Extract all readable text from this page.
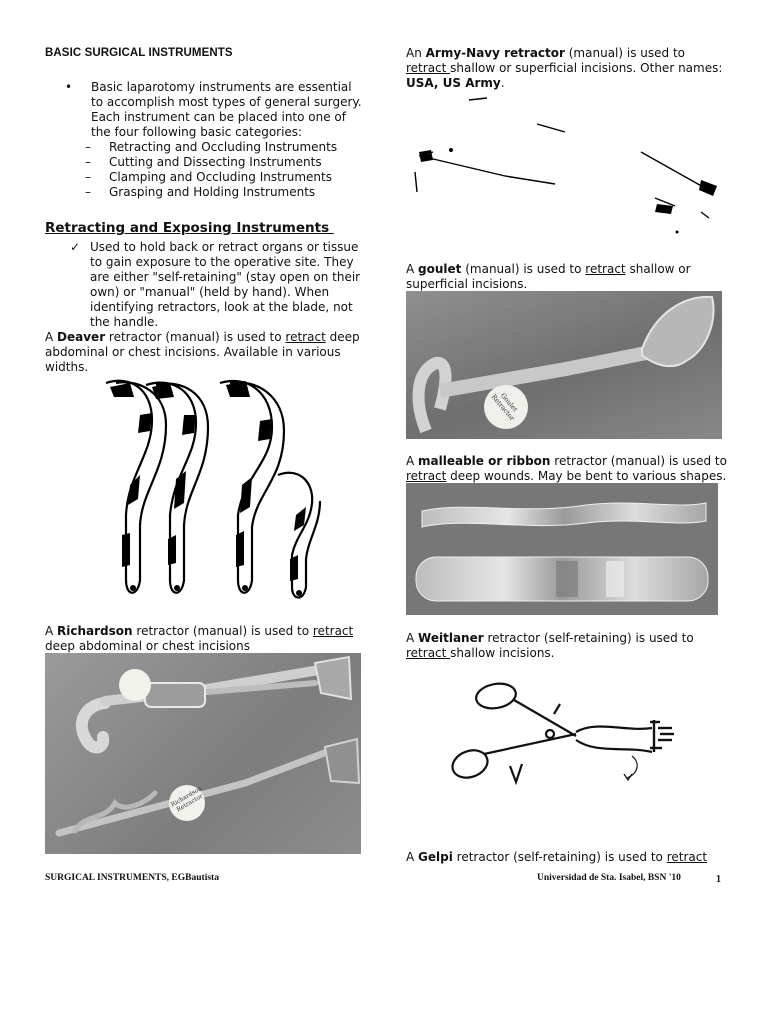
BASIC SURGICAL INSTRUMENTS
•	Basic laparotomy instruments are essential to accomplish most types of general surgery. Each instrument can be placed into one of the four following basic categories:
–	Retracting and Occluding Instruments
–	Cutting and Dissecting Instruments
–	Clamping and Occluding Instruments
–	Grasping and Holding Instruments
Retracting and Exposing Instruments
✓ Used to hold back or retract organs or tissue to gain exposure to the operative site. They are either "self-retaining" (stay open on their own) or "manual" (held by hand). When identifying retractors, look at the blade, not the handle.
A Deaver retractor (manual) is used to retract deep abdominal or chest incisions. Available in various widths.
A Richardson retractor (manual) is used to retract deep abdominal or chest incisions
Richardson Retractor
An Army-Navy retractor (manual) is used to retract shallow or superficial incisions. Other names: USA, US Army.
A goulet (manual) is used to retract shallow or superficial incisions.
Goulet Retractor
A malleable or ribbon retractor (manual) is used to retract deep wounds. May be bent to various shapes.
A Weitlaner retractor (self-retaining) is used to retract shallow incisions.
A Gelpi retractor (self-retaining) is used to retract
SURGICAL INSTRUMENTS, EGBautista	Universidad de Sta. Isabel, BSN '10	1
